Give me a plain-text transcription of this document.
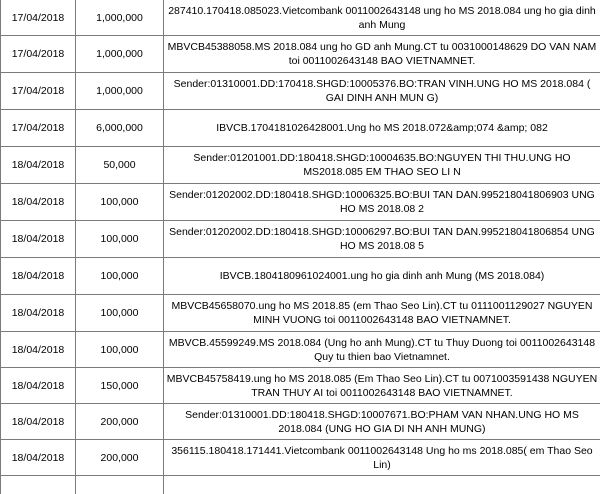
17/04/2018	1,000,000	287410.170418.085023.Vietcombank 0011002643148 ung ho MS 2018.084 ung ho gia dinh anh Mung
17/04/2018	1,000,000	MBVCB45388058.MS 2018.084 ung ho GD anh Mung.CT tu 0031000148629 DO VAN NAM toi 0011002643148 BAO VIETNAMNET.
17/04/2018	1,000,000	Sender:01310001.DD:170418.SHGD:10005376.BO:TRAN VINH.UNG HO MS 2018.084 ( GAI DINH ANH MUN G)
17/04/2018	6,000,000	IBVCB.1704181026428001.Ung ho MS 2018.072&amp;074 &amp; 082
18/04/2018	50,000	Sender:01201001.DD:180418.SHGD:10004635.BO:NGUYEN THI THU.UNG HO MS2018.085 EM THAO SEO LI N
18/04/2018	100,000	Sender:01202002.DD:180418.SHGD:10006325.BO:BUI TAN DAN.995218041806903 UNG HO MS 2018.08 2
18/04/2018	100,000	Sender:01202002.DD:180418.SHGD:10006297.BO:BUI TAN DAN.995218041806854 UNG HO MS 2018.08 5
18/04/2018	100,000	IBVCB.1804180961024001.ung ho gia dinh anh Mung (MS 2018.084)
18/04/2018	100,000	MBVCB45658070.ung ho MS 2018.85 (em Thao Seo Lin).CT tu 0111001129027 NGUYEN MINH VUONG toi 0011002643148 BAO VIETNAMNET.
18/04/2018	100,000	MBVCB.45599249.MS 2018.084 (Ung ho anh Mung).CT tu Thuy Duong toi 0011002643148 Quy tu thien bao Vietnamnet.
18/04/2018	150,000	MBVCB45758419.ung ho MS 2018.085 (Em Thao Seo Lin).CT tu 0071003591438 NGUYEN TRAN THUY AI toi 0011002643148 BAO VIETNAMNET.
18/04/2018	200,000	Sender:01310001.DD:180418.SHGD:10007671.BO:PHAM VAN NHAN.UNG HO MS 2018.084 (UNG HO GIA DI NH ANH MUNG)
18/04/2018	200,000	356115.180418.171441.Vietcombank 0011002643148 Ung ho ms 2018.085( em Thao Seo Lin)
